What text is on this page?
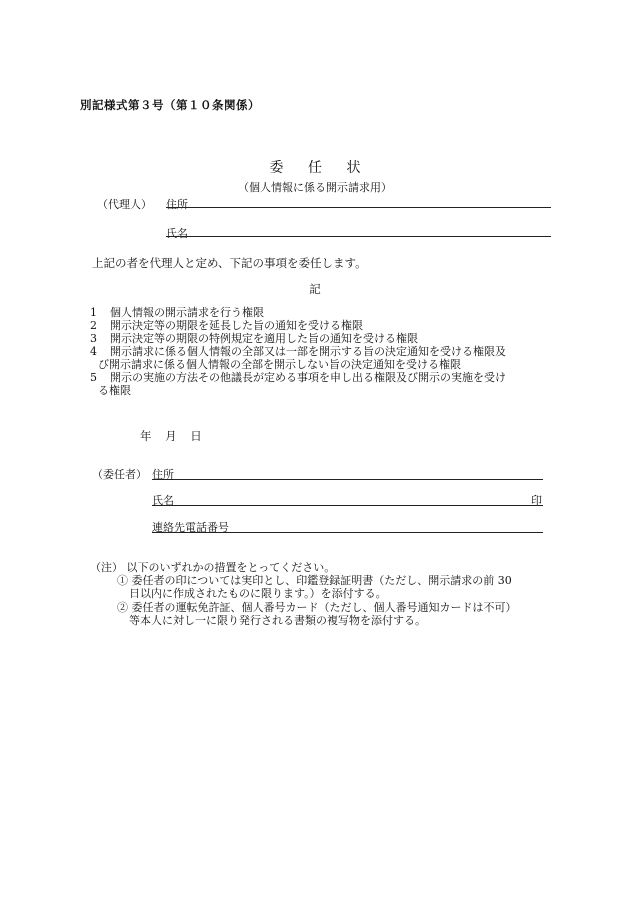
別記様式第３号（第１０条関係）
委 任 状
（個人情報に係る開示請求用）
（代理人） 住所
氏名
上記の者を代理人と定め、下記の事項を委任します。
記
1 個人情報の開示請求を行う権限
2 開示決定等の期限を延長した旨の通知を受ける権限
3 開示決定等の期限の特例規定を適用した旨の通知を受ける権限
4 開示請求に係る個人情報の全部又は一部を開示する旨の決定通知を受ける権限及
び開示請求に係る個人情報の全部を開示しない旨の決定通知を受ける権限
5 開示の実施の方法その他議長が定める事項を申し出る権限及び開示の実施を受け
る権限
年 月 日
（委任者） 住所
氏名	印
連絡先電話番号
（注） 以下のいずれかの措置をとってください。
① 委任者の印については実印とし、印鑑登録証明書（ただし、開示請求の前 30
日以内に作成されたものに限ります。）を添付する。
② 委任者の運転免許証、個人番号カード（ただし、個人番号通知カードは不可）
等本人に対し一に限り発行される書類の複写物を添付する。
